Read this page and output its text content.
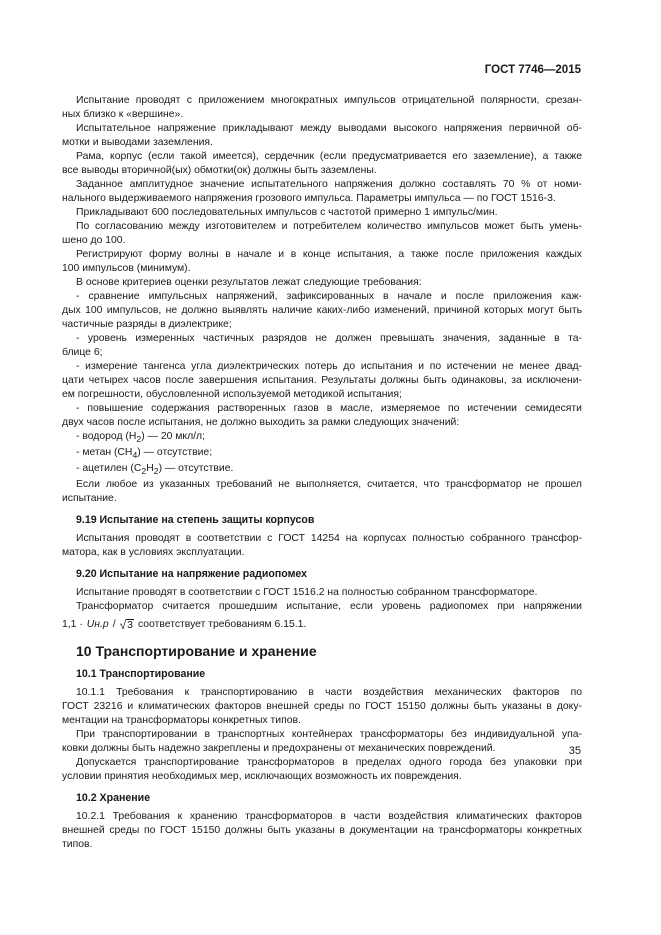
ГОСТ 7746—2015

Испытание проводят с приложением многократных импульсов отрицательной полярности, срезан-
ных близко к «вершине».

Испытательное напряжение прикладывают между выводами высокого напряжения первичной об-
мотки и выводами заземления.

Рама, корпус (если такой имеется), сердечник (если предусматривается его заземление), а также
все выводы вторичной(ых) обмотки(ок) должны быть заземлены.

Заданное амплитудное значение испытательного напряжения должно составлять 70 % от номи-
нального выдерживаемого напряжения грозового импульса. Параметры импульса — по ГОСТ 1516-3.

Прикладывают 600 последовательных импульсов с частотой примерно 1 импульс/мин.

По согласованию между изготовителем и потребителем количество импульсов может быть умень-
шено до 100.

Регистрируют форму волны в начале и в конце испытания, а также после приложения каждых
100 импульсов (минимум).

В основе критериев оценки результатов лежат следующие требования:

- сравнение импульсных напряжений, зафиксированных в начале и после приложения каж-
дых 100 импульсов, не должно выявлять наличие каких-либо изменений, причиной которых могут быть
частичные разряды в диэлектрике;

- уровень измеренных частичных разрядов не должен превышать значения, заданные в та-
блице 6;

- измерение тангенса угла диэлектрических потерь до испытания и по истечении не менее двад-
цати четырех часов после завершения испытания. Результаты должны быть одинаковы, за исключени-
ем погрешности, обусловленной используемой методикой испытания;

- повышение содержания растворенных газов в масле, измеряемое по истечении семидесяти
двух часов после испытания, не должно выходить за рамки следующих значений:

- водород $(H_2)$ — 20 мкл/л;

- метан $(CH_4)$ — отсутствие;

- ацетилен $(C_2H_2)$ — отсутствие.

Если любое из указанных требований не выполняется, считается, что трансформатор не прошел
испытание.

9.19 Испытание на степень защиты корпусов

Испытания проводят в соответствии с ГОСТ 14254 на корпусах полностью собранного трансфор-
матора, как в условиях эксплуатации.

9.20 Испытание на напряжение радиопомех

Испытание проводят в соответствии с ГОСТ 1516.2 на полностью собранном трансформаторе.

Трансформатор считается прошедшим испытание, если уровень радиопомех при напряжении

1,1 · Uн.р / √ 3 соответствует требованиям 6.15.1.

10 Транспортирование и хранение

10.1 Транспортирование

10.1.1 Требования к транспортированию в части воздействия механических факторов по
ГОСТ 23216 и климатических факторов внешней среды по ГОСТ 15150 должны быть указаны в доку-
ментации на трансформаторы конкретных типов.

При транспортировании в транспортных контейнерах трансформаторы без индивидуальной упа-
ковки должны быть надежно закреплены и предохранены от механических повреждений.

Допускается транспортирование трансформаторов в пределах одного города без упаковки при
условии принятия необходимых мер, исключающих возможность их повреждения.

10.2 Хранение

10.2.1 Требования к хранению трансформаторов в части воздействия климатических факторов
внешней среды по ГОСТ 15150 должны быть указаны в документации на трансформаторы конкретных
типов.

35
